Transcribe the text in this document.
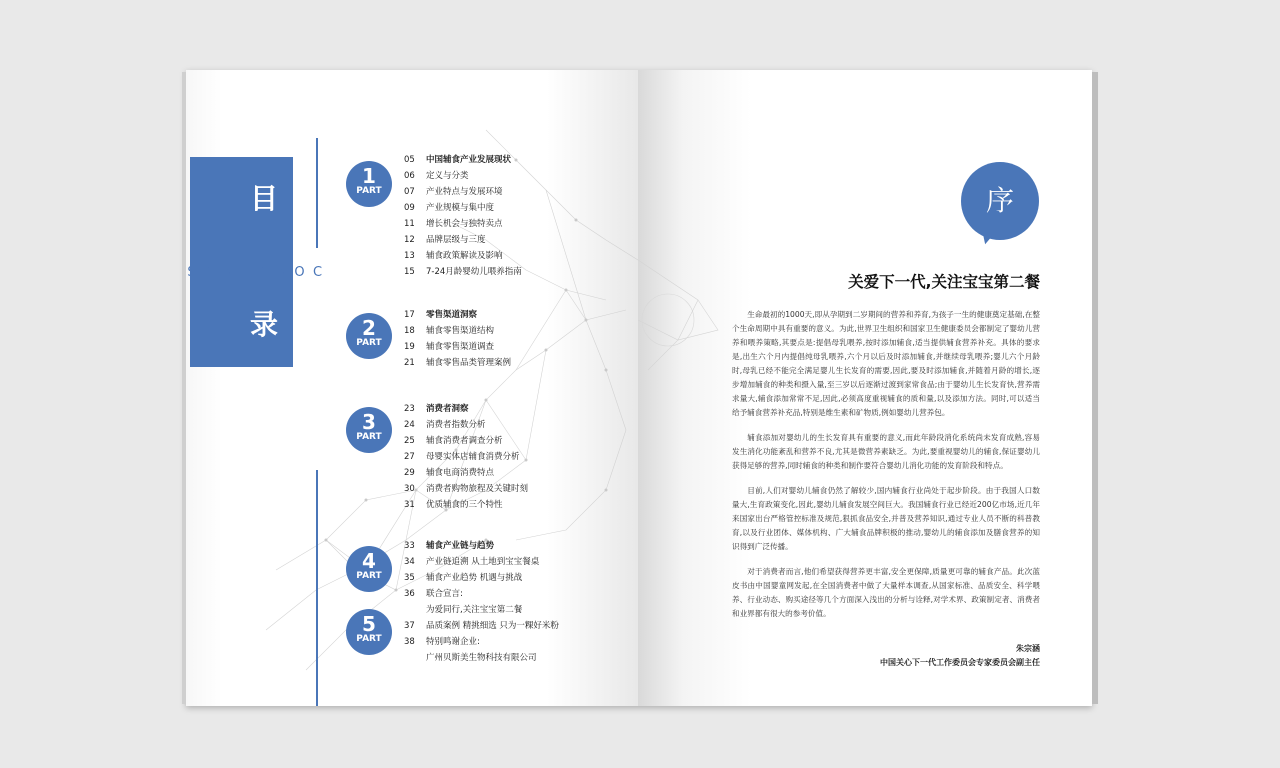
目
录
C
O
N
T
E
N
T
S
1
PART
2
PART
3
PART
4
PART
5
PART
05 中国辅食产业发展现状
06 定义与分类
07 产业特点与发展环境
09 产业规模与集中度
11 增长机会与独特卖点
12 品牌层级与三度
13 辅食政策解读及影响
15 7-24月龄婴幼儿喂养指南
17 零售渠道洞察
18 辅食零售渠道结构
19 辅食零售渠道调查
21 辅食零售品类管理案例
23 消费者洞察
24 消费者指数分析
25 辅食消费者调查分析
27 母婴实体店辅食消费分析
29 辅食电商消费特点
30 消费者购物旅程及关键时刻
31 优质辅食的三个特性
33 辅食产业链与趋势
34 产业链追溯 从土地到宝宝餐桌
35 辅食产业趋势 机遇与挑战
36 联合宣言:
为爱同行,关注宝宝第二餐
37 品质案例 精挑细选 只为一粿好米粉
38 特别鸣谢企业:
广州贝斯美生物科技有限公司
序
关爱下一代,关注宝宝第二餐

生命最初的1000天,即从孕期到二岁期间的营养和养育,为孩子一生的健康奠定基础,在整个生命周期中具有重要的意义。为此,世界卫生组织和国家卫生健康委员会都制定了婴幼儿营养和喂养策略,其要点是:提倡母乳喂养,按时添加辅食,适当提供辅食营养补充。具体的要求是,出生六个月内提倡纯母乳喂养,六个月以后及时添加辅食,并继续母乳喂养;婴儿六个月龄时,母乳已经不能完全满足婴儿生长发育的需要,因此,要及时添加辅食,并随着月龄的增长,逐步增加辅食的种类和摄入量,至三岁以后逐渐过渡到家常食品;由于婴幼儿生长发育快,营养需求量大,辅食添加常常不足,因此,必须高度重视辅食的质和量,以及添加方法。同时,可以适当给予辅食营养补充品,特别是维生素和矿物质,例如婴幼儿营养包。

辅食添加对婴幼儿的生长发育具有重要的意义,而此年龄段消化系统尚未发育成熟,容易发生消化功能紊乱和营养不良,尤其是微营养素缺乏。为此,要重视婴幼儿的辅食,保证婴幼儿获得足够的营养,同时辅食的种类和制作要符合婴幼儿消化功能的发育阶段和特点。

目前,人们对婴幼儿辅食仍然了解较少,国内辅食行业尚处于起步阶段。由于我国人口数量大,生育政策变化,因此,婴幼儿辅食发展空间巨大。我国辅食行业已经近200亿市场,近几年来国家出台严格管控标准及规范,狠抓食品安全,并普及营养知识,通过专业人员不断的科普教育,以及行业团体、媒体机构、广大辅食品牌积极的推动,婴幼儿的辅食添加及膳食营养的知识得到广泛传播。

对于消费者而言,他们希望获得营养更丰富,安全更保障,质量更可靠的辅食产品。此次蓝皮书由中国婴童网发起,在全国消费者中做了大量样本调查,从国家标准、品质安全、科学喂养、行业动态、购买途径等几个方面深入浅出的分析与诠释,对学术界、政策制定者、消费者和业界都有很大的参考价值。

朱宗涵
中国关心下一代工作委员会专家委员会副主任
